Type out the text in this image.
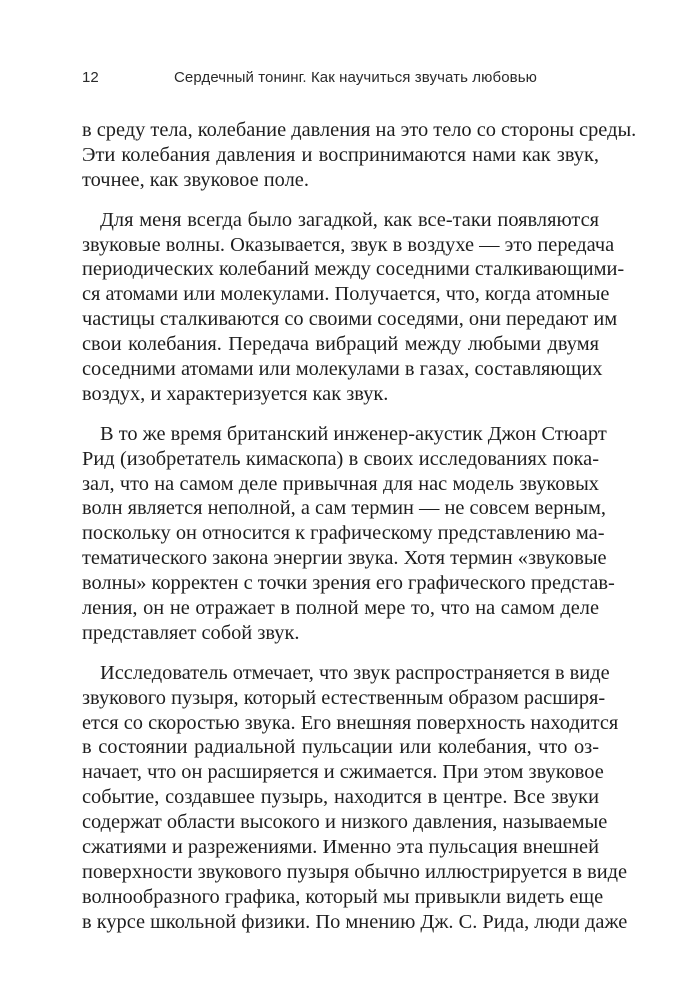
12	Сердечный тонинг. Как научиться звучать любовью

в среду тела, колебание давления на это тело со стороны среды.
Эти колебания давления и воспринимаются нами как звук,
точнее, как звуковое поле.

Для меня всегда было загадкой, как все-таки появляются
звуковые волны. Оказывается, звук в воздухе — это передача
периодических колебаний между соседними сталкивающими-
ся атомами или молекулами. Получается, что, когда атомные
частицы сталкиваются со своими соседями, они передают им
свои колебания. Передача вибраций между любыми двумя
соседними атомами или молекулами в газах, составляющих
воздух, и характеризуется как звук.

В то же время британский инженер-акустик Джон Стюарт
Рид (изобретатель кимаскопа) в своих исследованиях пока-
зал, что на самом деле привычная для нас модель звуковых
волн является неполной, а сам термин — не совсем верным,
поскольку он относится к графическому представлению ма-
тематического закона энергии звука. Хотя термин «звуковые
волны» корректен с точки зрения его графического представ-
ления, он не отражает в полной мере то, что на самом деле
представляет собой звук.

Исследователь отмечает, что звук распространяется в виде
звукового пузыря, который естественным образом расширя-
ется со скоростью звука. Его внешняя поверхность находится
в состоянии радиальной пульсации или колебания, что оз-
начает, что он расширяется и сжимается. При этом звуковое
событие, создавшее пузырь, находится в центре. Все звуки
содержат области высокого и низкого давления, называемые
сжатиями и разрежениями. Именно эта пульсация внешней
поверхности звукового пузыря обычно иллюстрируется в виде
волнообразного графика, который мы привыкли видеть еще
в курсе школьной физики. По мнению Дж. С. Рида, люди даже
